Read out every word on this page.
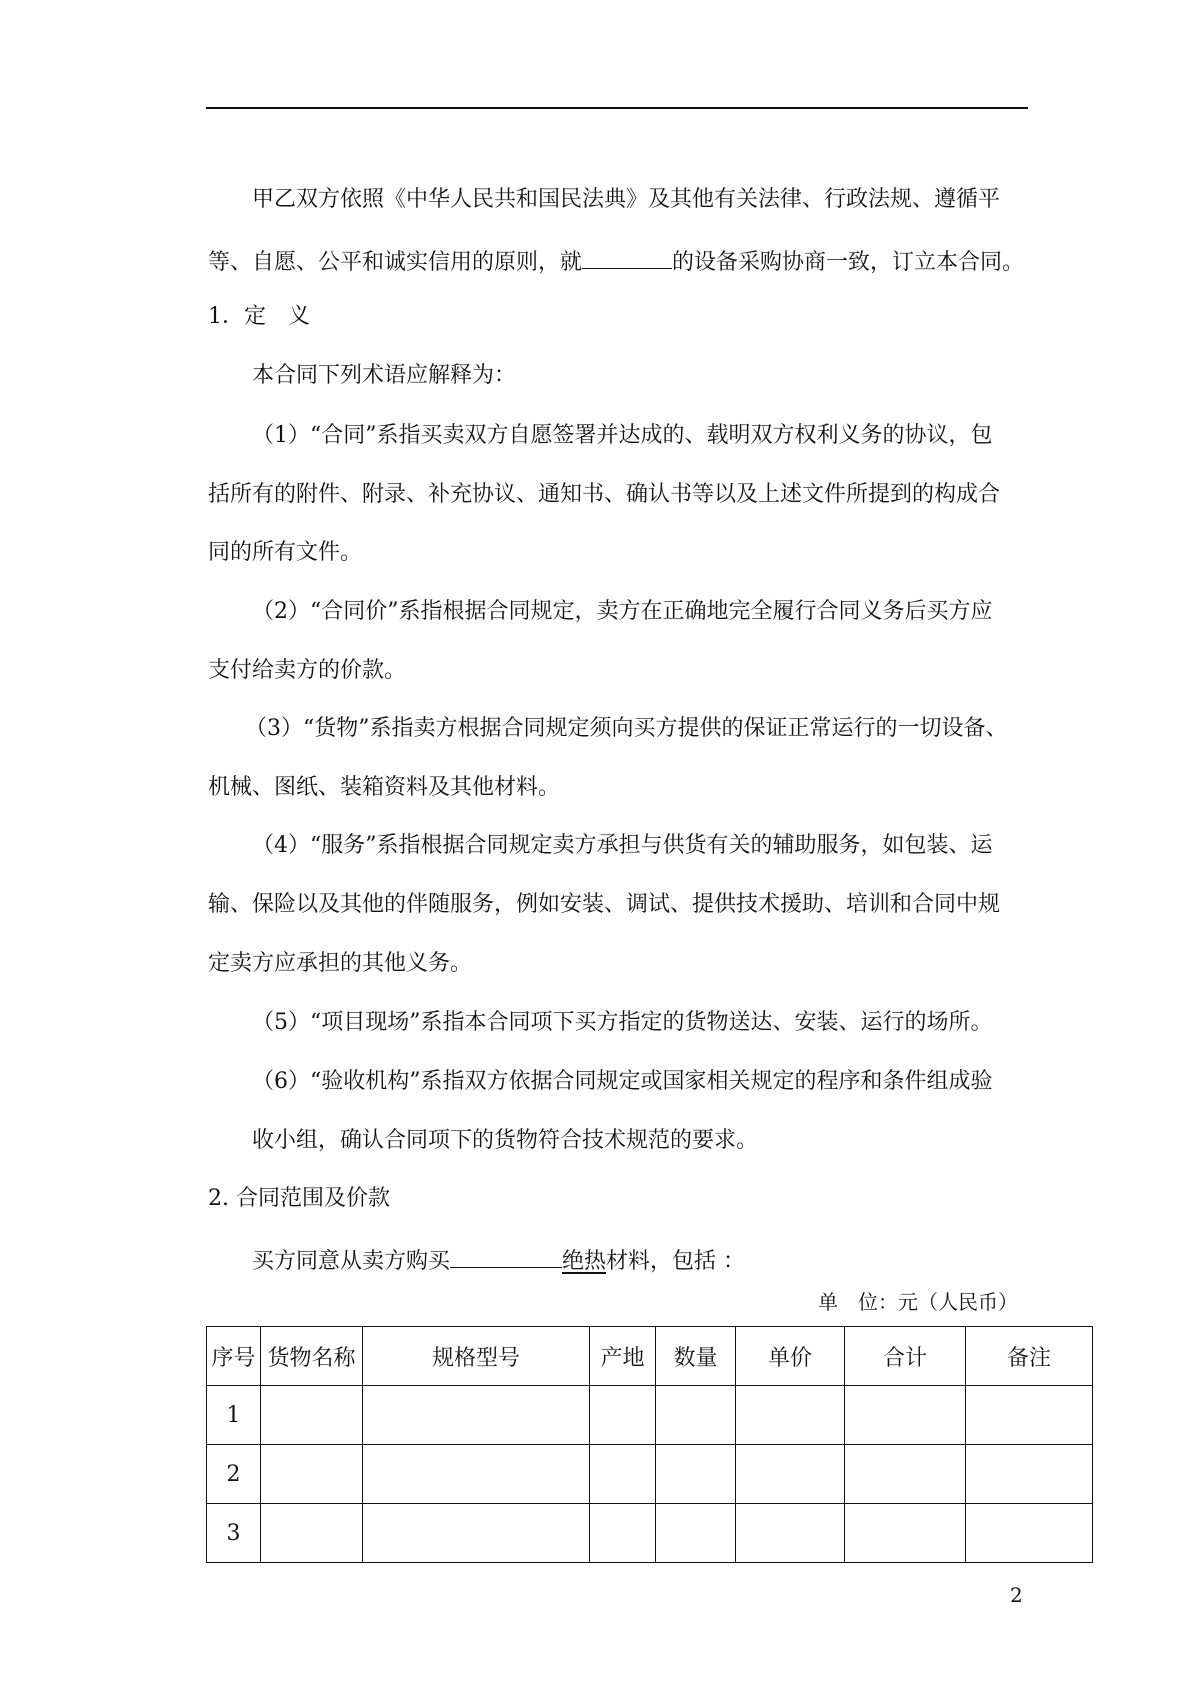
甲乙双方依照《中华人民共和国民法典》及其他有关法律、行政法规、遵循平
等、自愿、公平和诚实信用的原则，就	的设备采购协商一致，订立本合同。
1．定　义
本合同下列术语应解释为：
（1）“合同”系指买卖双方自愿签署并达成的、载明双方权利义务的协议，包
括所有的附件、附录、补充协议、通知书、确认书等以及上述文件所提到的构成合
同的所有文件。
（2）“合同价”系指根据合同规定，卖方在正确地完全履行合同义务后买方应
支付给卖方的价款。
（3）“货物”系指卖方根据合同规定须向买方提供的保证正常运行的一切设备、
机械、图纸、装箱资料及其他材料。
（4）“服务”系指根据合同规定卖方承担与供货有关的辅助服务，如包装、运
输、保险以及其他的伴随服务，例如安装、调试、提供技术援助、培训和合同中规
定卖方应承担的其他义务。
（5）“项目现场”系指本合同项下买方指定的货物送达、安装、运行的场所。
（6）“验收机构”系指双方依据合同规定或国家相关规定的程序和条件组成验
收小组，确认合同项下的货物符合技术规范的要求。
2. 合同范围及价款
买方同意从卖方购买	绝热材料，包括 ：
单　位：元（人民币）
序号	货物名称	规格型号	产地	数量	单价	合计	备注
1							
2							
3							
2
